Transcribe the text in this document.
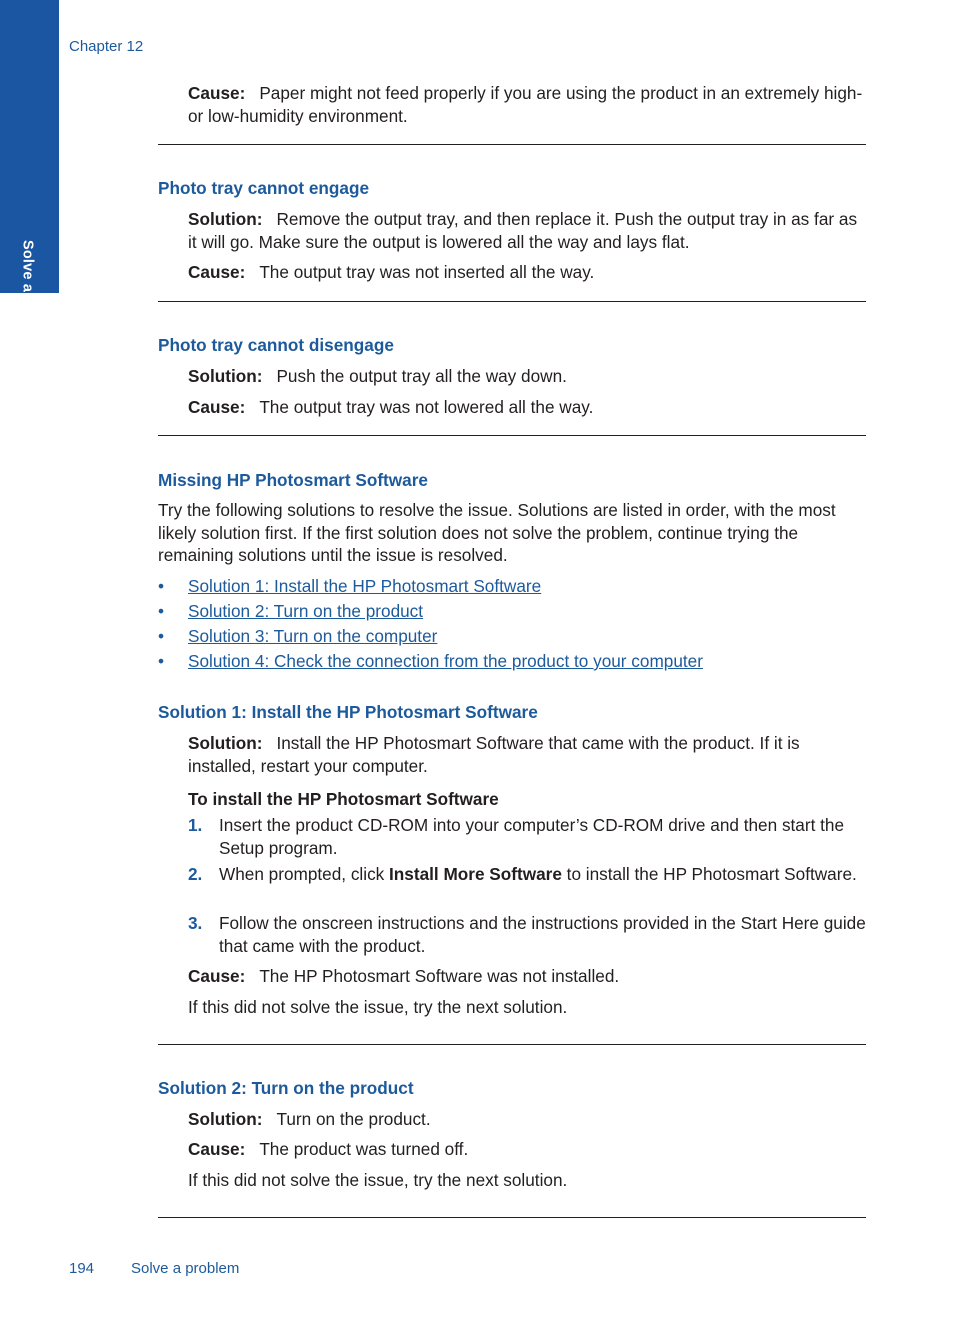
Chapter 12
Solve a problem
Cause: Paper might not feed properly if you are using the product in an extremely high- or low-humidity environment.
Photo tray cannot engage
Solution: Remove the output tray, and then replace it. Push the output tray in as far as it will go. Make sure the output is lowered all the way and lays flat.
Cause: The output tray was not inserted all the way.
Photo tray cannot disengage
Solution: Push the output tray all the way down.
Cause: The output tray was not lowered all the way.
Missing HP Photosmart Software
Try the following solutions to resolve the issue. Solutions are listed in order, with the most likely solution first. If the first solution does not solve the problem, continue trying the remaining solutions until the issue is resolved.
• Solution 1: Install the HP Photosmart Software
• Solution 2: Turn on the product
• Solution 3: Turn on the computer
• Solution 4: Check the connection from the product to your computer
Solution 1: Install the HP Photosmart Software
Solution: Install the HP Photosmart Software that came with the product. If it is installed, restart your computer.
To install the HP Photosmart Software
1. Insert the product CD-ROM into your computer’s CD-ROM drive and then start the Setup program.
2. When prompted, click Install More Software to install the HP Photosmart Software.
3. Follow the onscreen instructions and the instructions provided in the Start Here guide that came with the product.
Cause: The HP Photosmart Software was not installed.
If this did not solve the issue, try the next solution.
Solution 2: Turn on the product
Solution: Turn on the product.
Cause: The product was turned off.
If this did not solve the issue, try the next solution.
194 Solve a problem
